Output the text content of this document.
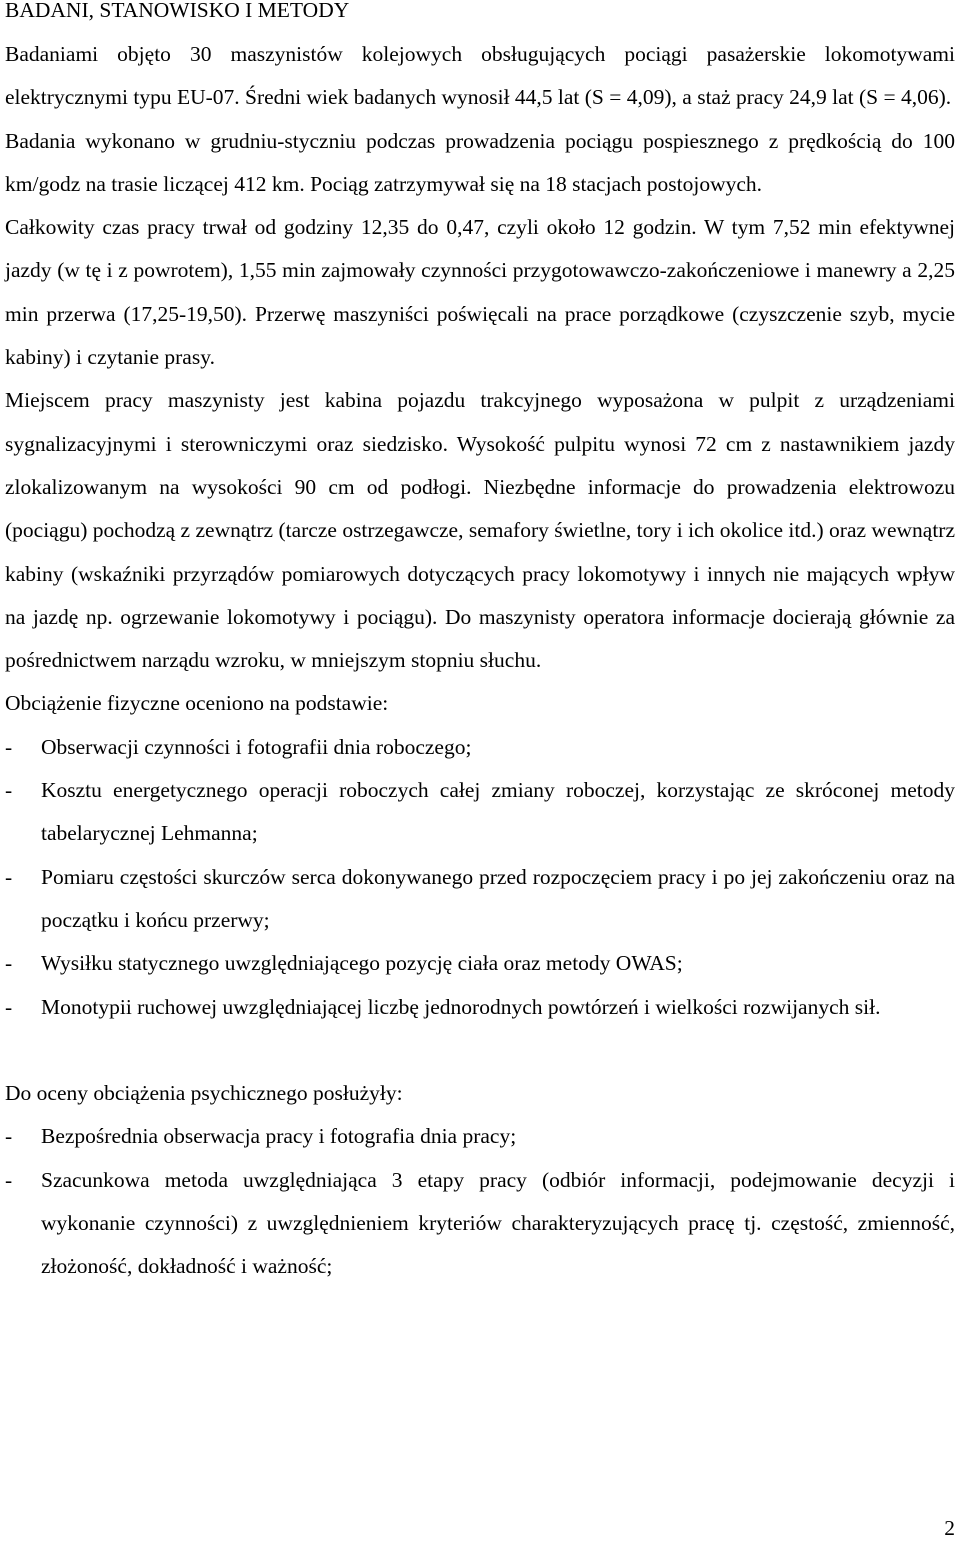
BADANI, STANOWISKO I METODY

Badaniami objęto 30 maszynistów kolejowych obsługujących pociągi pasażerskie lokomotywami elektrycznymi typu EU-07. Średni wiek badanych wynosił 44,5 lat (S = 4,09), a staż pracy 24,9 lat (S = 4,06).

Badania wykonano w grudniu-styczniu podczas prowadzenia pociągu pospiesznego z prędkością do 100 km/godz na trasie liczącej 412 km. Pociąg zatrzymywał się na 18 stacjach postojowych.

Całkowity czas pracy trwał od godziny 12,35 do 0,47, czyli około 12 godzin. W tym 7,52 min efektywnej jazdy (w tę i z powrotem), 1,55 min zajmowały czynności przygotowawczo-zakończeniowe i manewry a 2,25 min przerwa (17,25-19,50). Przerwę maszyniści poświęcali na prace porządkowe (czyszczenie szyb, mycie kabiny) i czytanie prasy.

Miejscem pracy maszynisty jest kabina pojazdu trakcyjnego wyposażona w pulpit z urządzeniami sygnalizacyjnymi i sterowniczymi oraz siedzisko. Wysokość pulpitu wynosi 72 cm z nastawnikiem jazdy zlokalizowanym na wysokości 90 cm od podłogi. Niezbędne informacje do prowadzenia elektrowozu (pociągu) pochodzą z zewnątrz (tarcze ostrzegawcze, semafory świetlne, tory i ich okolice itd.) oraz wewnątrz kabiny (wskaźniki przyrządów pomiarowych dotyczących pracy lokomotywy i innych nie mających wpływ na jazdę np. ogrzewanie lokomotywy i pociągu). Do maszynisty operatora informacje docierają głównie za pośrednictwem narządu wzroku, w mniejszym stopniu słuchu.

Obciążenie fizyczne oceniono na podstawie:

- Obserwacji czynności i fotografii dnia roboczego;
- Kosztu energetycznego operacji roboczych całej zmiany roboczej, korzystając ze skróconej metody tabelarycznej Lehmanna;
- Pomiaru częstości skurczów serca dokonywanego przed rozpoczęciem pracy i po jej zakończeniu oraz na początku i końcu przerwy;
- Wysiłku statycznego uwzględniającego pozycję ciała oraz metody OWAS;
- Monotypii ruchowej uwzględniającej liczbę jednorodnych powtórzeń i wielkości rozwijanych sił.

Do oceny obciążenia psychicznego posłużyły:

- Bezpośrednia obserwacja pracy i fotografia dnia pracy;
- Szacunkowa metoda uwzględniająca 3 etapy pracy (odbiór informacji, podejmowanie decyzji i wykonanie czynności) z uwzględnieniem kryteriów charakteryzujących pracę tj. częstość, zmienność, złożoność, dokładność i ważność;
2
